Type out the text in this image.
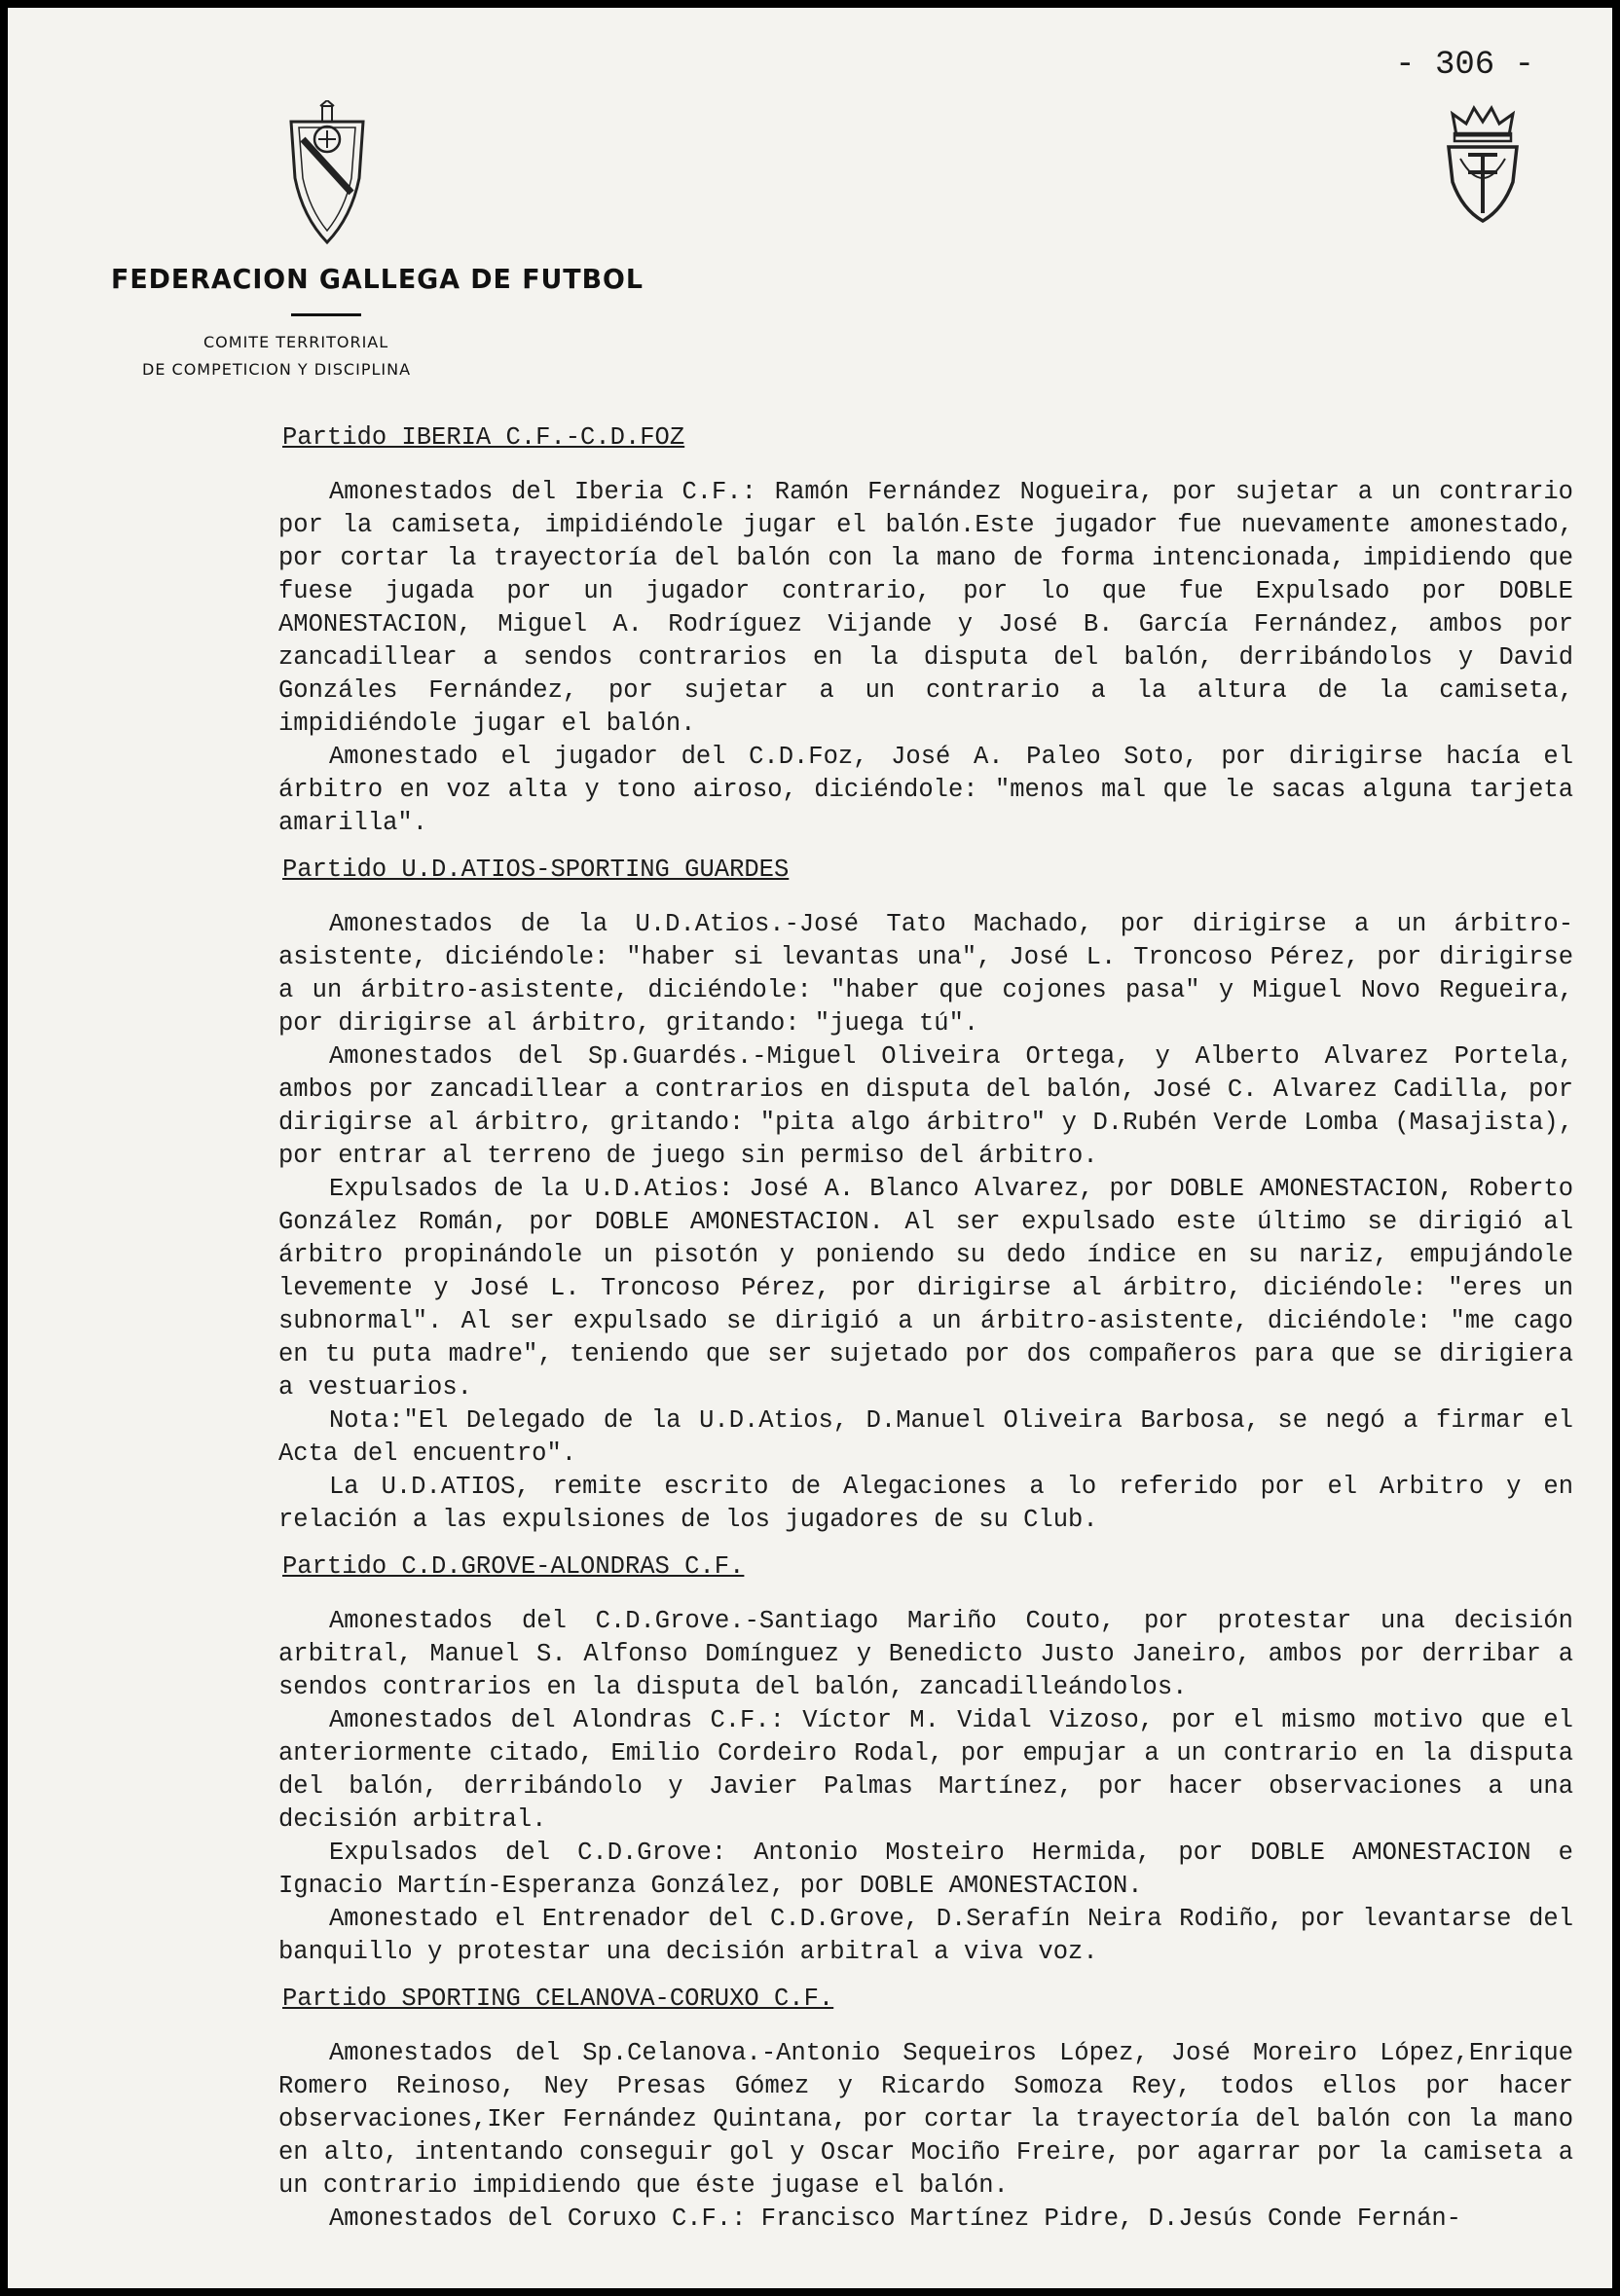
- 306 -
FEDERACION GALLEGA DE FUTBOL
COMITE TERRITORIAL
DE COMPETICION Y DISCIPLINA
Partido IBERIA C.F.-C.D.FOZ

Amonestados del Iberia C.F.: Ramón Fernández Nogueira, por sujetar a un contrario por la camiseta, impidiéndole jugar el balón.Este jugador fue nuevamente amonestado, por cortar la trayectoría del balón con la mano de forma intencionada, impidiendo que fuese jugada por un jugador contrario, por lo que fue Expulsado por DOBLE AMONESTACION, Miguel A. Rodríguez Vijande y José B. García Fernández, ambos por zancadillear a sendos contrarios en la disputa del balón, derribándolos y David Gonzáles Fernández, por sujetar a un contrario a la altura de la camiseta, impidiéndole jugar el balón.

Amonestado el jugador del C.D.Foz, José A. Paleo Soto, por dirigirse hacía el árbitro en voz alta y tono airoso, diciéndole: "menos mal que le sacas alguna tarjeta amarilla".

Partido U.D.ATIOS-SPORTING GUARDES

Amonestados de la U.D.Atios.-José Tato Machado, por dirigirse a un árbitro-asistente, diciéndole: "haber si levantas una", José L. Troncoso Pérez, por dirigirse a un árbitro-asistente, diciéndole: "haber que cojones pasa" y Miguel Novo Regueira, por dirigirse al árbitro, gritando: "juega tú".

Amonestados del Sp.Guardés.-Miguel Oliveira Ortega, y Alberto Alvarez Portela, ambos por zancadillear a contrarios en disputa del balón, José C. Alvarez Cadilla, por dirigirse al árbitro, gritando: "pita algo árbitro" y D.Rubén Verde Lomba (Masajista), por entrar al terreno de juego sin permiso del árbitro.

Expulsados de la U.D.Atios: José A. Blanco Alvarez, por DOBLE AMONESTACION, Roberto González Román, por DOBLE AMONESTACION. Al ser expulsado este último se dirigió al árbitro propinándole un pisotón y poniendo su dedo índice en su nariz, empujándole levemente y José L. Troncoso Pérez, por dirigirse al árbitro, diciéndole: "eres un subnormal". Al ser expulsado se dirigió a un árbitro-asistente, diciéndole: "me cago en tu puta madre", teniendo que ser sujetado por dos compañeros para que se dirigiera a vestuarios.

Nota:"El Delegado de la U.D.Atios, D.Manuel Oliveira Barbosa, se negó a firmar el Acta del encuentro".

La U.D.ATIOS, remite escrito de Alegaciones a lo referido por el Arbitro y en relación a las expulsiones de los jugadores de su Club.

Partido C.D.GROVE-ALONDRAS C.F.

Amonestados del C.D.Grove.-Santiago Mariño Couto, por protestar una decisión arbitral, Manuel S. Alfonso Domínguez y Benedicto Justo Janeiro, ambos por derribar a sendos contrarios en la disputa del balón, zancadilleándolos.

Amonestados del Alondras C.F.: Víctor M. Vidal Vizoso, por el mismo motivo que el anteriormente citado, Emilio Cordeiro Rodal, por empujar a un contrario en la disputa del balón, derribándolo y Javier Palmas Martínez, por hacer observaciones a una decisión arbitral.

Expulsados del C.D.Grove: Antonio Mosteiro Hermida, por DOBLE AMONESTACION e Ignacio Martín-Esperanza González, por DOBLE AMONESTACION.

Amonestado el Entrenador del C.D.Grove, D.Serafín Neira Rodiño, por levantarse del banquillo y protestar una decisión arbitral a viva voz.

Partido SPORTING CELANOVA-CORUXO C.F.

Amonestados del Sp.Celanova.-Antonio Sequeiros López, José Moreiro López,Enrique Romero Reinoso, Ney Presas Gómez y Ricardo Somoza Rey, todos ellos por hacer observaciones,IKer Fernández Quintana, por cortar la trayectoría del balón con la mano en alto, intentando conseguir gol y Oscar Mociño Freire, por agarrar por la camiseta a un contrario impidiendo que éste jugase el balón.

Amonestados del Coruxo C.F.: Francisco Martínez Pidre, D.Jesús Conde Fernán-
